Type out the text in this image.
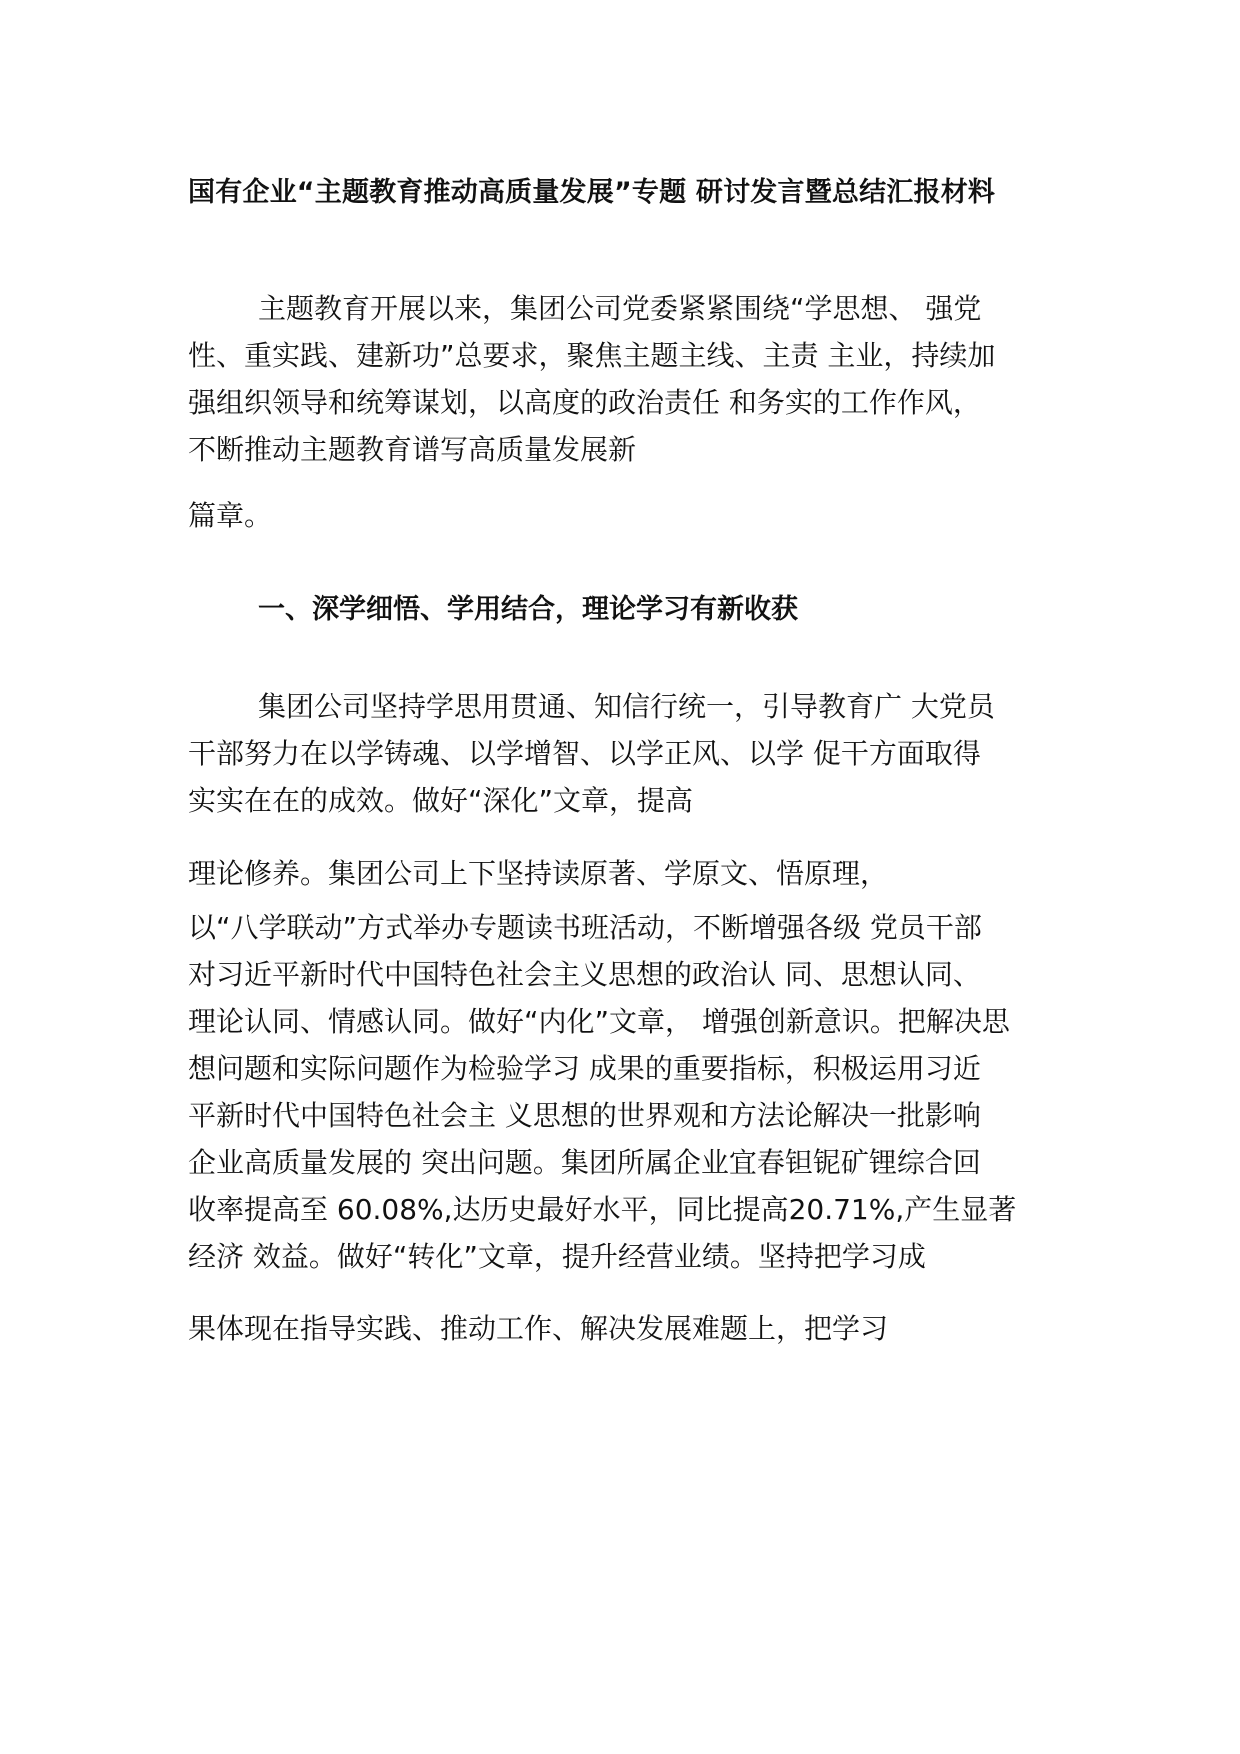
国有企业“主题教育推动高质量发展”专题 研讨发言暨总结汇报材料
主题教育开展以来，集团公司党委紧紧围绕“学思想、 强党
性、重实践、建新功”总要求，聚焦主题主线、主责 主业，持续加
强组织领导和统筹谋划，以高度的政治责任 和务实的工作作风，
不断推动主题教育谱写高质量发展新
篇章。
一、深学细悟、学用结合，理论学习有新收获
集团公司坚持学思用贯通、知信行统一，引导教育广 大党员
干部努力在以学铸魂、以学增智、以学正风、以学 促干方面取得
实实在在的成效。做好“深化”文章，提高
理论修养。集团公司上下坚持读原著、学原文、悟原理，
以“八学联动”方式举办专题读书班活动，不断增强各级 党员干部
对习近平新时代中国特色社会主义思想的政治认 同、思想认同、
理论认同、情感认同。做好“内化”文章， 增强创新意识。把解决思
想问题和实际问题作为检验学习 成果的重要指标，积极运用习近
平新时代中国特色社会主 义思想的世界观和方法论解决一批影响
企业高质量发展的 突出问题。集团所属企业宜春钽铌矿锂综合回
收率提高至 60.08%,达历史最好水平，同比提高20.71%,产生显著
经济 效益。做好“转化”文章，提升经营业绩。坚持把学习成
果体现在指导实践、推动工作、解决发展难题上，把学习
